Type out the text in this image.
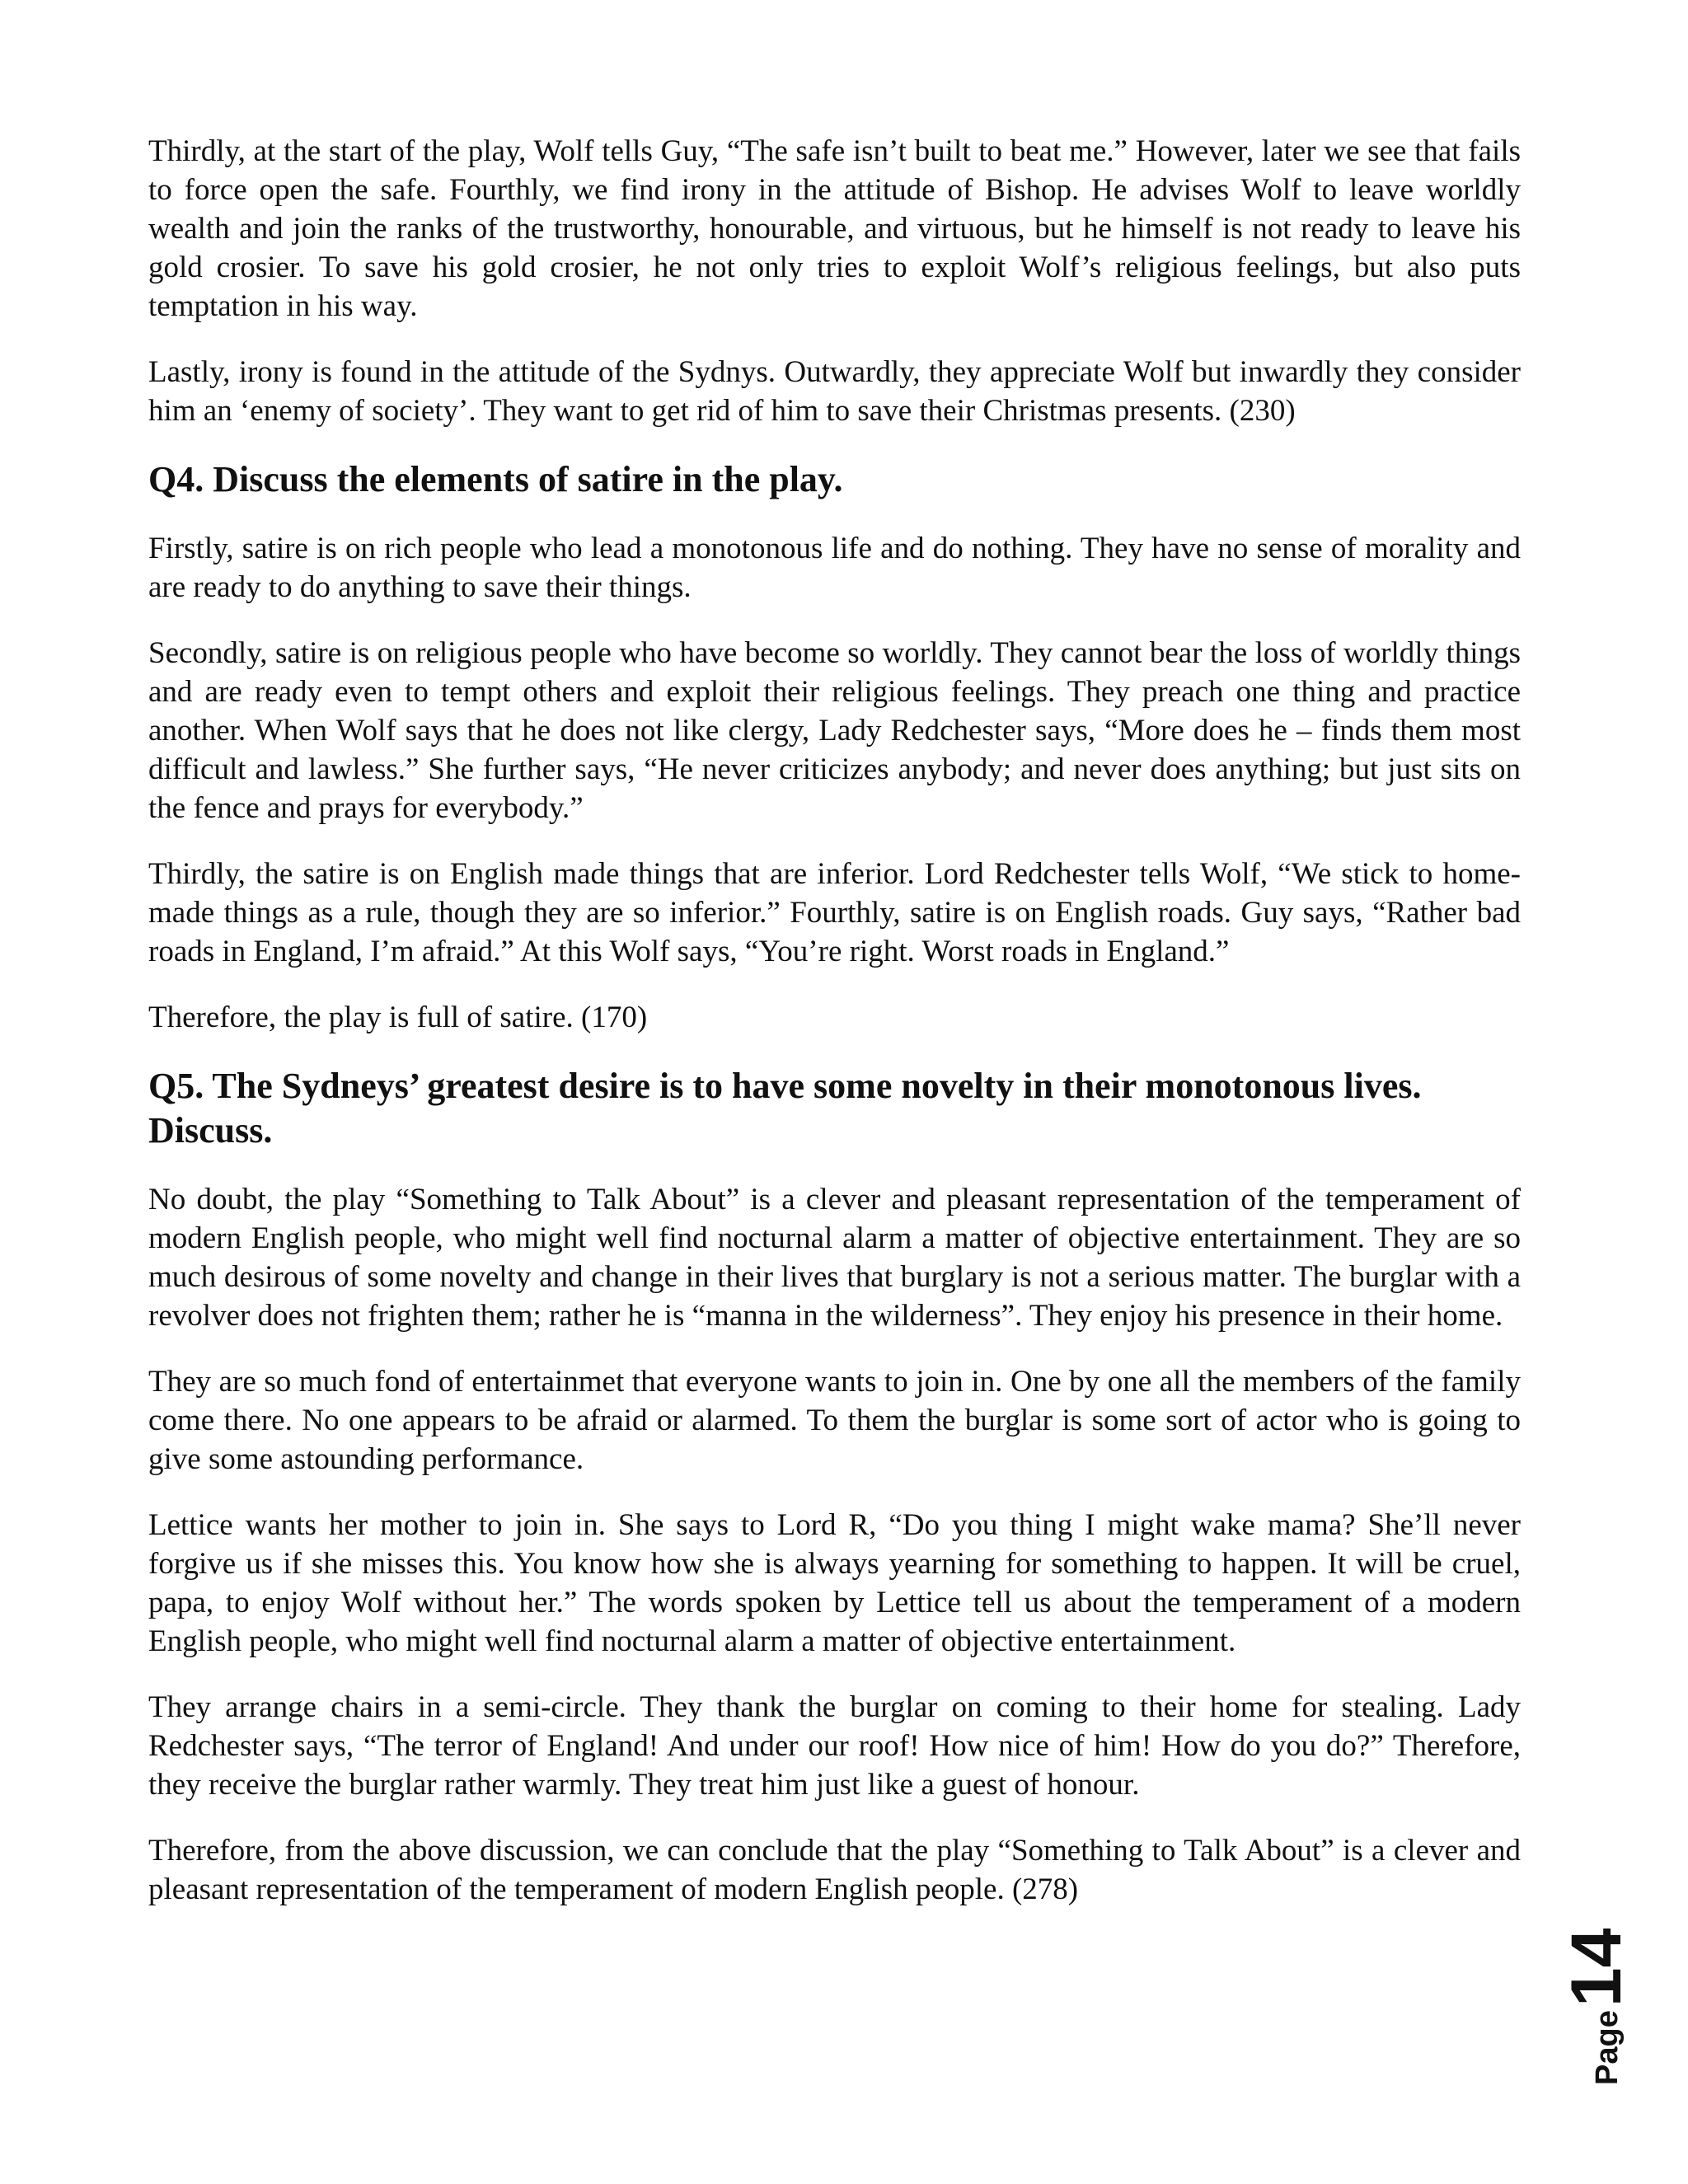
Thirdly, at the start of the play, Wolf tells Guy, “The safe isn’t built to beat me.” However, later we see that fails to force open the safe. Fourthly, we find irony in the attitude of Bishop. He advises Wolf to leave worldly wealth and join the ranks of the trustworthy, honourable, and virtuous, but he himself is not ready to leave his gold crosier. To save his gold crosier, he not only tries to exploit Wolf’s religious feelings, but also puts temptation in his way.

Lastly, irony is found in the attitude of the Sydnys. Outwardly, they appreciate Wolf but inwardly they consider him an ‘enemy of society’. They want to get rid of him to save their Christmas presents. (230)

Q4. Discuss the elements of satire in the play.

Firstly, satire is on rich people who lead a monotonous life and do nothing. They have no sense of morality and are ready to do anything to save their things.

Secondly, satire is on religious people who have become so worldly. They cannot bear the loss of worldly things and are ready even to tempt others and exploit their religious feelings. They preach one thing and practice another. When Wolf says that he does not like clergy, Lady Redchester says, “More does he – finds them most difficult and lawless.” She further says, “He never criticizes anybody; and never does anything; but just sits on the fence and prays for everybody.”

Thirdly, the satire is on English made things that are inferior. Lord Redchester tells Wolf, “We stick to home-made things as a rule, though they are so inferior.” Fourthly, satire is on English roads. Guy says, “Rather bad roads in England, I’m afraid.” At this Wolf says, “You’re right. Worst roads in England.”

Therefore, the play is full of satire. (170)

Q5. The Sydneys’ greatest desire is to have some novelty in their monotonous lives. Discuss.

No doubt, the play “Something to Talk About” is a clever and pleasant representation of the temperament of modern English people, who might well find nocturnal alarm a matter of objective entertainment. They are so much desirous of some novelty and change in their lives that burglary is not a serious matter. The burglar with a revolver does not frighten them; rather he is “manna in the wilderness”. They enjoy his presence in their home.

They are so much fond of entertainmet that everyone wants to join in. One by one all the members of the family come there. No one appears to be afraid or alarmed. To them the burglar is some sort of actor who is going to give some astounding performance.

Lettice wants her mother to join in. She says to Lord R, “Do you thing I might wake mama? She’ll never forgive us if she misses this. You know how she is always yearning for something to happen. It will be cruel, papa, to enjoy Wolf without her.” The words spoken by Lettice tell us about the temperament of a modern English people, who might well find nocturnal alarm a matter of objective entertainment.

They arrange chairs in a semi-circle. They thank the burglar on coming to their home for stealing. Lady Redchester says, “The terror of England! And under our roof! How nice of him! How do you do?” Therefore, they receive the burglar rather warmly. They treat him just like a guest of honour.

Therefore, from the above discussion, we can conclude that the play “Something to Talk About” is a clever and pleasant representation of the temperament of modern English people. (278)

Page
14
